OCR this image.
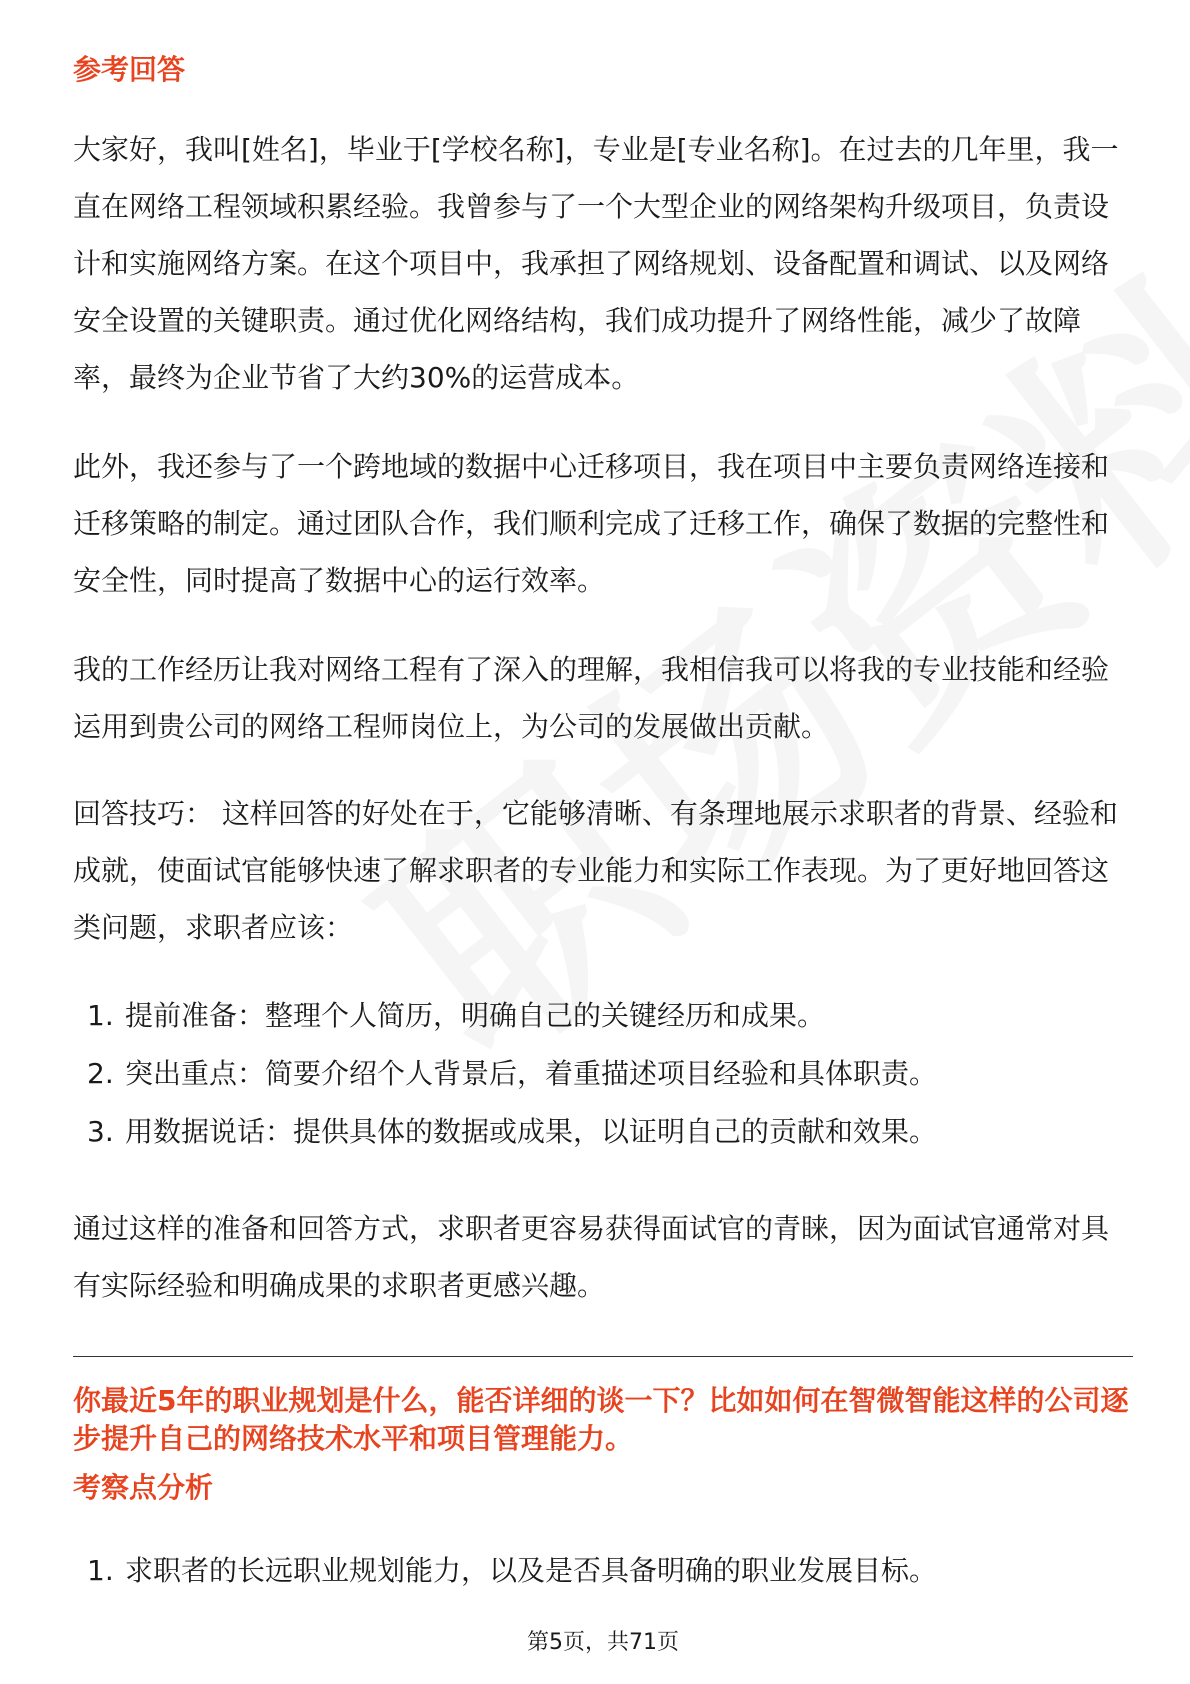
参考回答

大家好，我叫[姓名]，毕业于[学校名称]，专业是[专业名称]。在过去的几年里，我一直在网络工程领域积累经验。我曾参与了一个大型企业的网络架构升级项目，负责设计和实施网络方案。在这个项目中，我承担了网络规划、设备配置和调试、以及网络安全设置的关键职责。通过优化网络结构，我们成功提升了网络性能，减少了故障率，最终为企业节省了大约30%的运营成本。

此外，我还参与了一个跨地域的数据中心迁移项目，我在项目中主要负责网络连接和迁移策略的制定。通过团队合作，我们顺利完成了迁移工作，确保了数据的完整性和安全性，同时提高了数据中心的运行效率。

我的工作经历让我对网络工程有了深入的理解，我相信我可以将我的专业技能和经验运用到贵公司的网络工程师岗位上，为公司的发展做出贡献。

回答技巧： 这样回答的好处在于，它能够清晰、有条理地展示求职者的背景、经验和成就，使面试官能够快速了解求职者的专业能力和实际工作表现。为了更好地回答这类问题，求职者应该：

1. 提前准备：整理个人简历，明确自己的关键经历和成果。
2. 突出重点：简要介绍个人背景后，着重描述项目经验和具体职责。
3. 用数据说话：提供具体的数据或成果，以证明自己的贡献和效果。

通过这样的准备和回答方式，求职者更容易获得面试官的青睐，因为面试官通常对具有实际经验和明确成果的求职者更感兴趣。

你最近5年的职业规划是什么，能否详细的谈一下？比如如何在智微智能这样的公司逐步提升自己的网络技术水平和项目管理能力。
考察点分析
1. 求职者的长远职业规划能力，以及是否具备明确的职业发展目标。
第5页，共71页
